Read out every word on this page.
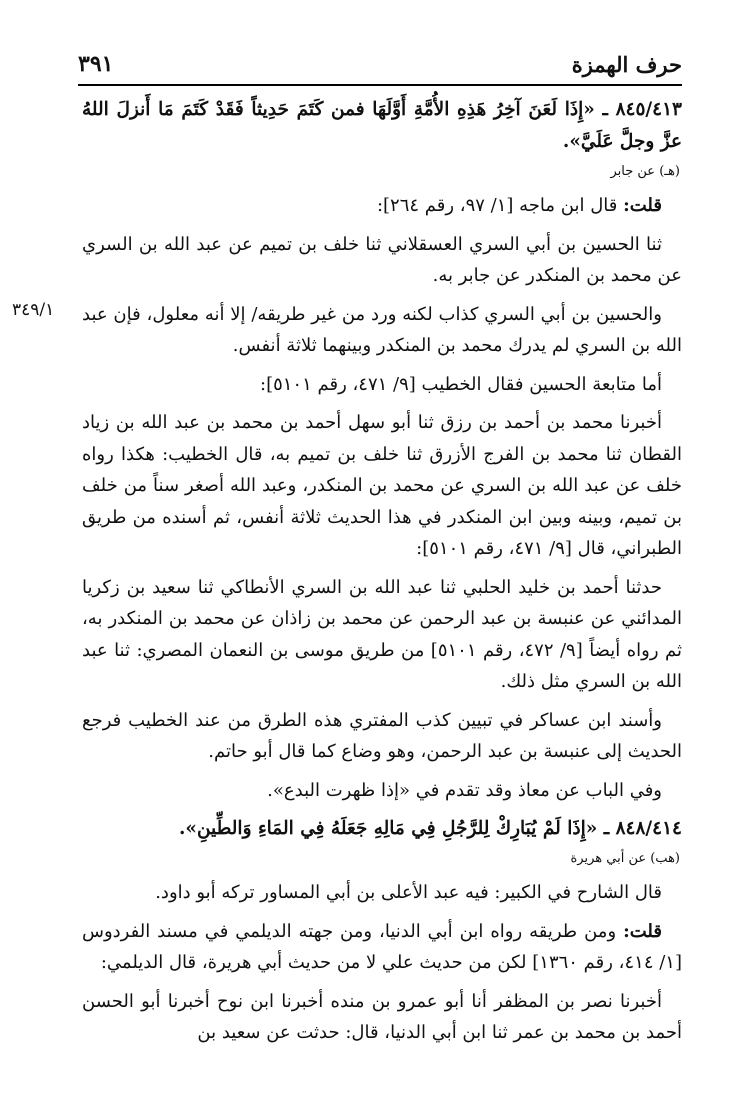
حرف الهمزة
٣٩١
٣٤٩/١

٨٤٥/٤١٣ ـ «إِذَا لَعَنَ آخِرُ هَذِهِ الأُمَّةِ أَوَّلَهَا فمن كَتَمَ حَدِيثاً فَقَدْ كَتَمَ مَا أَنزلَ اللهُ عزَّ وجلَّ عَلَيَّ».

(هـ) عن جابر

قلت: قال ابن ماجه [١/ ٩٧، رقم ٢٦٤]:

ثنا الحسين بن أبي السري العسقلاني ثنا خلف بن تميم عن عبد الله بن السري عن محمد بن المنكدر عن جابر به.

والحسين بن أبي السري كذاب لكنه ورد من غير طريقه/ إلا أنه معلول، فإن عبد الله بن السري لم يدرك محمد بن المنكدر وبينهما ثلاثة أنفس.

أما متابعة الحسين فقال الخطيب [٩/ ٤٧١، رقم ٥١٠١]:

أخبرنا محمد بن أحمد بن رزق ثنا أبو سهل أحمد بن محمد بن عبد الله بن زياد القطان ثنا محمد بن الفرج الأزرق ثنا خلف بن تميم به، قال الخطيب: هكذا رواه خلف عن عبد الله بن السري عن محمد بن المنكدر، وعبد الله أصغر سناً من خلف بن تميم، وبينه وبين ابن المنكدر في هذا الحديث ثلاثة أنفس، ثم أسنده من طريق الطبراني، قال [٩/ ٤٧١، رقم ٥١٠١]:

حدثنا أحمد بن خليد الحلبي ثنا عبد الله بن السري الأنطاكي ثنا سعيد بن زكريا المدائني عن عنبسة بن عبد الرحمن عن محمد بن زاذان عن محمد بن المنكدر به، ثم رواه أيضاً [٩/ ٤٧٢، رقم ٥١٠١] من طريق موسى بن النعمان المصري: ثنا عبد الله بن السري مثل ذلك.

وأسند ابن عساكر في تبيين كذب المفتري هذه الطرق من عند الخطيب فرجع الحديث إلى عنبسة بن عبد الرحمن، وهو وضاع كما قال أبو حاتم.

وفي الباب عن معاذ وقد تقدم في «إذا ظهرت البدع».

٨٤٨/٤١٤ ـ «إِذَا لَمْ يُبَارِكْ لِلرَّجُلِ فِي مَالِهِ جَعَلَهُ فِي المَاءِ وَالطِّينِ».

(هب) عن أبي هريرة

قال الشارح في الكبير: فيه عبد الأعلى بن أبي المساور تركه أبو داود.

قلت: ومن طريقه رواه ابن أبي الدنيا، ومن جهته الديلمي في مسند الفردوس [١/ ٤١٤، رقم ١٣٦٠] لكن من حديث علي لا من حديث أبي هريرة، قال الديلمي:

أخبرنا نصر بن المظفر أنا أبو عمرو بن منده أخبرنا ابن نوح أخبرنا أبو الحسن أحمد بن محمد بن عمر ثنا ابن أبي الدنيا، قال: حدثت عن سعيد بن
